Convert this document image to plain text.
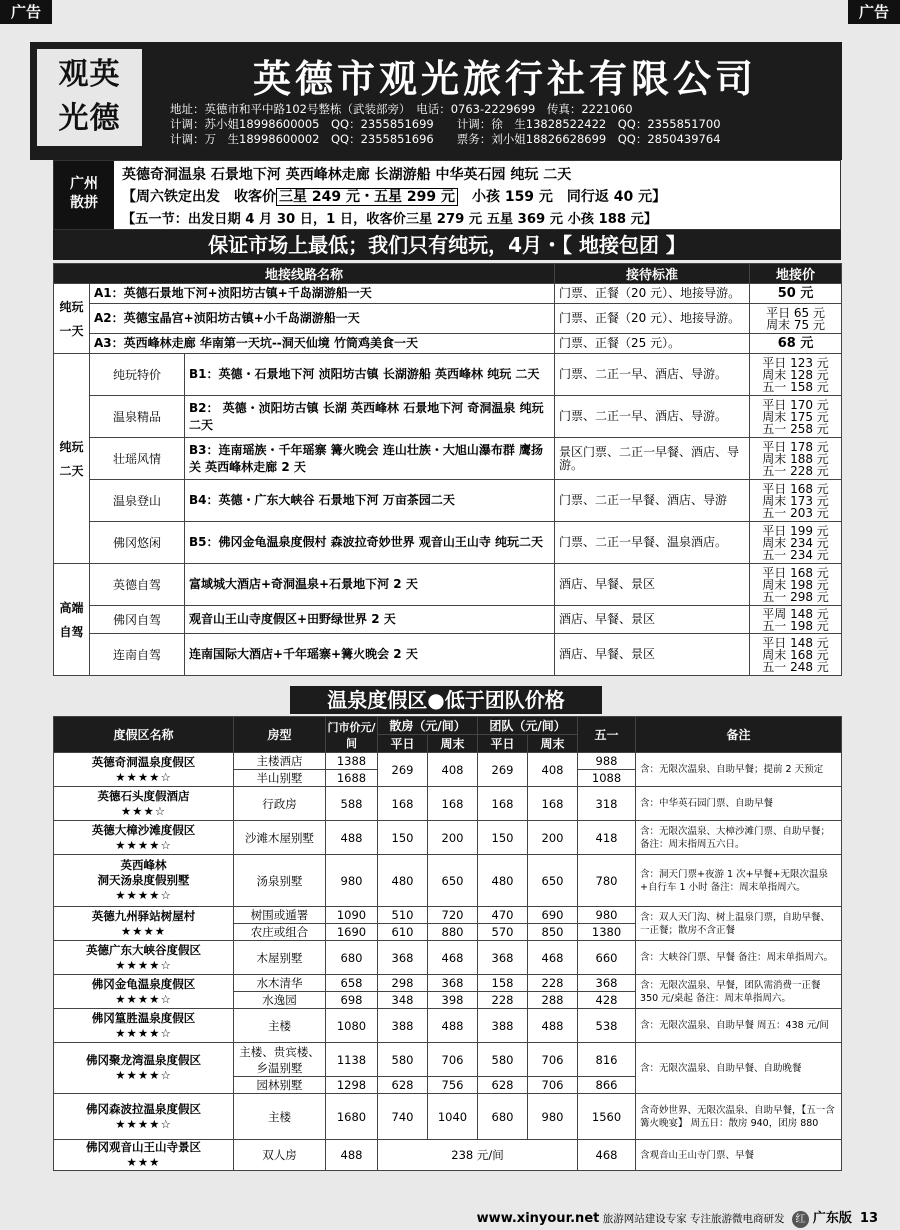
广告	广告
观英
光德
英德市观光旅行社有限公司
地址：英德市和平中路102号整栋（武装部旁）　电话：0763-2229699　传真：2221060
计调：苏小姐18998600005　QQ：2355851699　　计调：徐　生13828522422　QQ：2355851700
计调：万　生18998600002　QQ：2355851696　　票务：刘小姐18826628699　QQ：2850439764
广州
散拼
英德奇洞温泉 石景地下河 英西峰林走廊 长湖游船 中华英石园 纯玩 二天
【周六铁定出发　收客价 三星 249 元・五星 299 元　小孩 159 元　同行返 40 元】
【五一节：出发日期 4 月 30 日，1 日，收客价三星 279 元 五星 369 元 小孩 188 元】
保证市场上最低；我们只有纯玩，4月・【 地接包团 】
地接线路名称			接待标准	地接价
纯玩一天	A1：英德石景地下河+浈阳坊古镇+千岛湖游船一天		门票、正餐（20 元）、地接导游。	50 元
	A2：英德宝晶宫+浈阳坊古镇+小千岛湖游船一天		门票、正餐（20 元）、地接导游。	平日 65 元
周末 75 元
	A3：英西峰林走廊 华南第一天坑--洞天仙境 竹筒鸡美食一天		门票、正餐（25 元）。	68 元
纯玩二天	纯玩特价	B1：英德・石景地下河 浈阳坊古镇 长湖游船 英西峰林 纯玩 二天	门票、二正一早、酒店、导游。	平日 123 元
周末 128 元
五一 158 元
	温泉精品	B2： 英德・浈阳坊古镇 长湖 英西峰林 石景地下河 奇洞温泉 纯玩 二天	门票、二正一早、酒店、导游。	平日 170 元
周末 175 元
五一 258 元
	壮瑶风情	B3：连南瑶族・千年瑶寨 篝火晚会 连山壮族・大旭山瀑布群 鹰扬关 英西峰林走廊 2 天	景区门票、二正一早餐、酒店、导游。	平日 178 元
周末 188 元
五一 228 元
	温泉登山	B4：英德・广东大峡谷 石景地下河 万亩茶园二天	门票、二正一早餐、酒店、导游	平日 168 元
周末 173 元
五一 203 元
	佛冈悠闲	B5：佛冈金龟温泉度假村 森波拉奇妙世界 观音山王山寺 纯玩二天	门票、二正一早餐、温泉酒店。	平日 199 元
周末 234 元
五一 234 元
高端自驾	英德自驾	富域城大酒店+奇洞温泉+石景地下河 2 天	酒店、早餐、景区	平日 168 元
周末 198 元
五一 298 元
	佛冈自驾	观音山王山寺度假区+田野绿世界 2 天	酒店、早餐、景区	平周 148 元
五一 198 元
	连南自驾	连南国际大酒店+千年瑶寨+篝火晚会 2 天	酒店、早餐、景区	平日 148 元
周末 168 元
五一 248 元
温泉度假区●低于团队价格
度假区名称	房型	门市价元/间	散房（元/间）		团队（元/间）		五一	备注
			平日	周末	平日	周末		
英德奇洞温泉度假区
★★★★☆	主楼酒店	1388	269	408	269	408	988	含：无限次温泉、自助早餐；提前 2 天预定
	半山别墅	1688					1088	
英德石头度假酒店
★★★☆	行政房	588	168	168	168	168	318	含：中华英石园门票、自助早餐
英德大樟沙滩度假区
★★★★☆	沙滩木屋别墅	488	150	200	150	200	418	含：无限次温泉、大樟沙滩门票、自助早餐；备注：周末指周五六日。
英西峰林
洞天汤泉度假别墅
★★★★☆	汤泉别墅	980	480	650	480	650	780	含：洞天门票+夜游 1 次+早餐+无限次温泉+自行车 1 小时 备注：周末单指周六。
英德九州驿站树屋村
★★★★	树围或遁署	1090	510	720	470	690	980	含：双人天门沟、树上温泉门票，自助早餐、一正餐；散房不含正餐
	农庄或组合	1690	610	880	570	850	1380	
英德广东大峡谷度假区
★★★★☆	木屋别墅	680	368	468	368	468	660	含：大峡谷门票、早餐 备注：周末单指周六。
佛冈金龟温泉度假区
★★★★☆	水木清华	658	298	368	158	228	368	含：无限次温泉、早餐，团队需消费一正餐 350 元/桌起 备注：周末单指周六。
	水逸园	698	348	398	228	288	428	
佛冈篁胜温泉度假区
★★★★☆	主楼	1080	388	488	388	488	538	含：无限次温泉、自助早餐 周五：438 元/间
佛冈聚龙湾温泉度假区
★★★★☆	主楼、贵宾楼、乡温别墅	1138	580	706	580	706	816	含：无限次温泉、自助早餐、自助晚餐
	园林别墅	1298	628	756	628	706	866	
佛冈森波拉温泉度假区
★★★★☆	主楼	1680	740	1040	680	980	1560	含奇妙世界、无限次温泉、自助早餐，【五一含篝火晚宴】 周五日：散房 940，团房 880
佛冈观音山王山寺景区
★★★	双人房	488	238 元/间				468	含观音山王山寺门票、早餐
www.xinyour.net 旅游网站建设专家 专注旅游微电商研发 红 广东版 13
